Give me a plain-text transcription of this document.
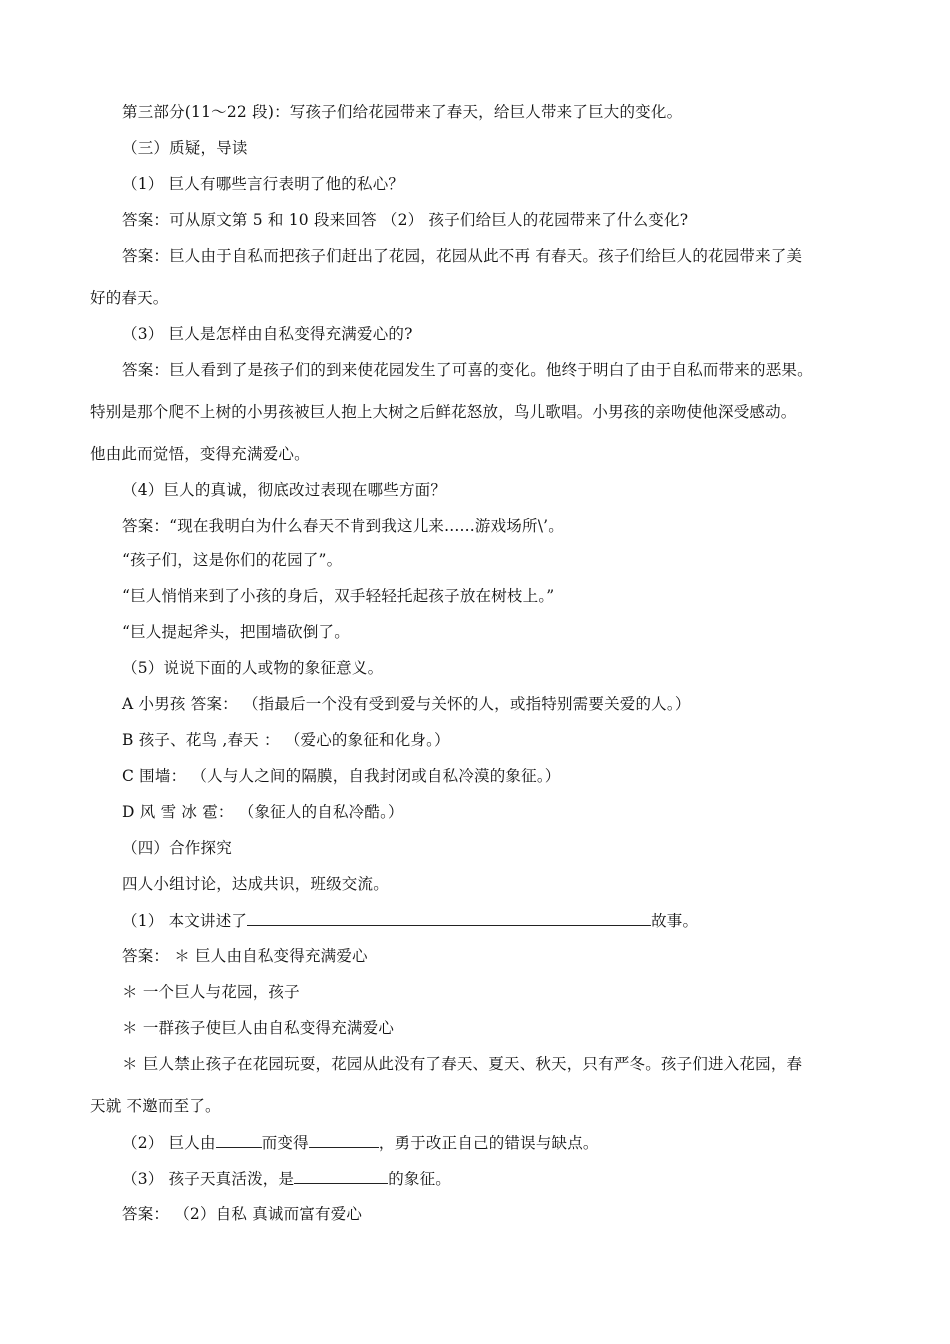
第三部分(11～22 段)：写孩子们给花园带来了春天，给巨人带来了巨大的变化。
（三）质疑，导读
（1） 巨人有哪些言行表明了他的私心？
答案：可从原文第 5 和 10 段来回答 （2） 孩子们给巨人的花园带来了什么变化?
答案：巨人由于自私而把孩子们赶出了花园，花园从此不再 有春天。孩子们给巨人的花园带来了美
好的春天。
（3） 巨人是怎样由自私变得充满爱心的?
答案：巨人看到了是孩子们的到来使花园发生了可喜的变化。他终于明白了由于自私而带来的恶果。
特别是那个爬不上树的小男孩被巨人抱上大树之后鲜花怒放，鸟儿歌唱。小男孩的亲吻使他深受感动。
他由此而觉悟，变得充满爱心。
（4）巨人的真诚，彻底改过表现在哪些方面？
答案：“现在我明白为什么春天不肯到我这儿来......游戏场所\’。
“孩子们，这是你们的花园了”。
“巨人悄悄来到了小孩的身后，双手轻轻托起孩子放在树枝上。”
“巨人提起斧头，把围墙砍倒了。
（5）说说下面的人或物的象征意义。
A 小男孩 答案： （指最后一个没有受到爱与关怀的人，或指特别需要关爱的人。）
B 孩子、花鸟 ,春天 ： （爱心的象征和化身。）
C 围墙： （人与人之间的隔膜，自我封闭或自私冷漠的象征。）
D 风 雪 冰 雹： （象征人的自私冷酷。）
（四）合作探究
四人小组讨论，达成共识，班级交流。
（1） 本文讲述了	故事。
答案： ＊ 巨人由自私变得充满爱心
＊ 一个巨人与花园，孩子
＊ 一群孩子使巨人由自私变得充满爱心
＊ 巨人禁止孩子在花园玩耍，花园从此没有了春天、夏天、秋天，只有严冬。孩子们进入花园，春
天就 不邀而至了。
（2） 巨人由	而变得	，勇于改正自己的错误与缺点。
（3） 孩子天真活泼，是	的象征。
答案： （2）自私 真诚而富有爱心
